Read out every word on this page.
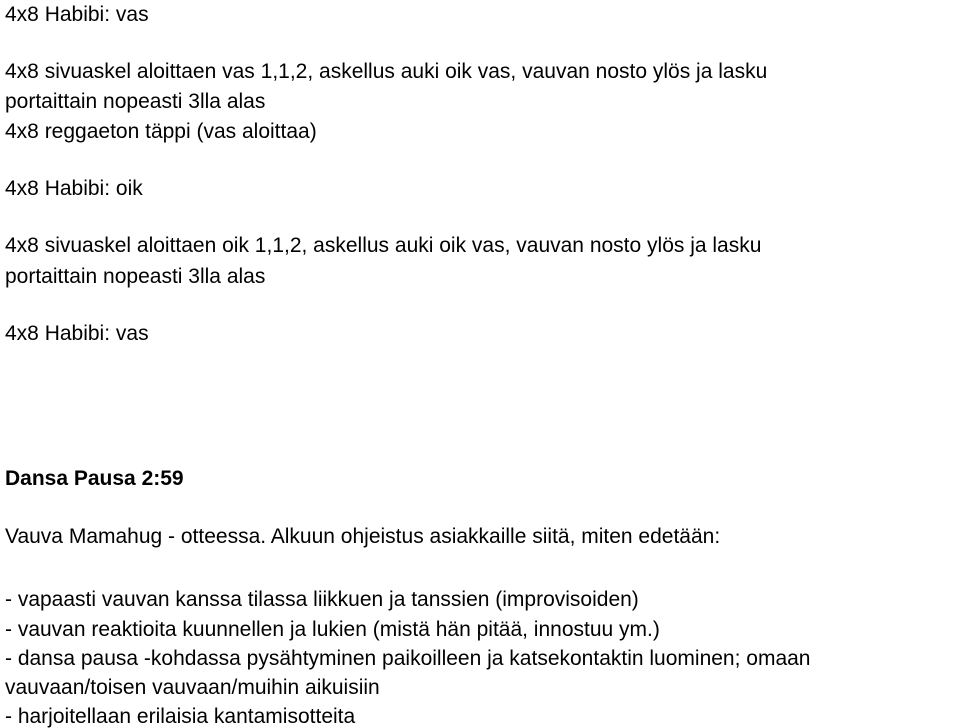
4x8 Habibi: vas
4x8 sivuaskel aloittaen vas 1,1,2, askellus auki oik vas, vauvan nosto ylös ja lasku
portaittain nopeasti 3lla alas
4x8 reggaeton täppi (vas aloittaa)
4x8 Habibi: oik
4x8 sivuaskel aloittaen oik 1,1,2, askellus auki oik vas, vauvan nosto ylös ja lasku
portaittain nopeasti 3lla alas
4x8 Habibi: vas
Dansa Pausa 2:59
Vauva Mamahug - otteessa. Alkuun ohjeistus asiakkaille siitä, miten edetään:
- vapaasti vauvan kanssa tilassa liikkuen ja tanssien (improvisoiden)
- vauvan reaktioita kuunnellen ja lukien (mistä hän pitää, innostuu ym.)
- dansa pausa -kohdassa pysähtyminen paikoilleen ja katsekontaktin luominen; omaan
vauvaan/toisen vauvaan/muihin aikuisiin
- harjoitellaan erilaisia kantamisotteita
